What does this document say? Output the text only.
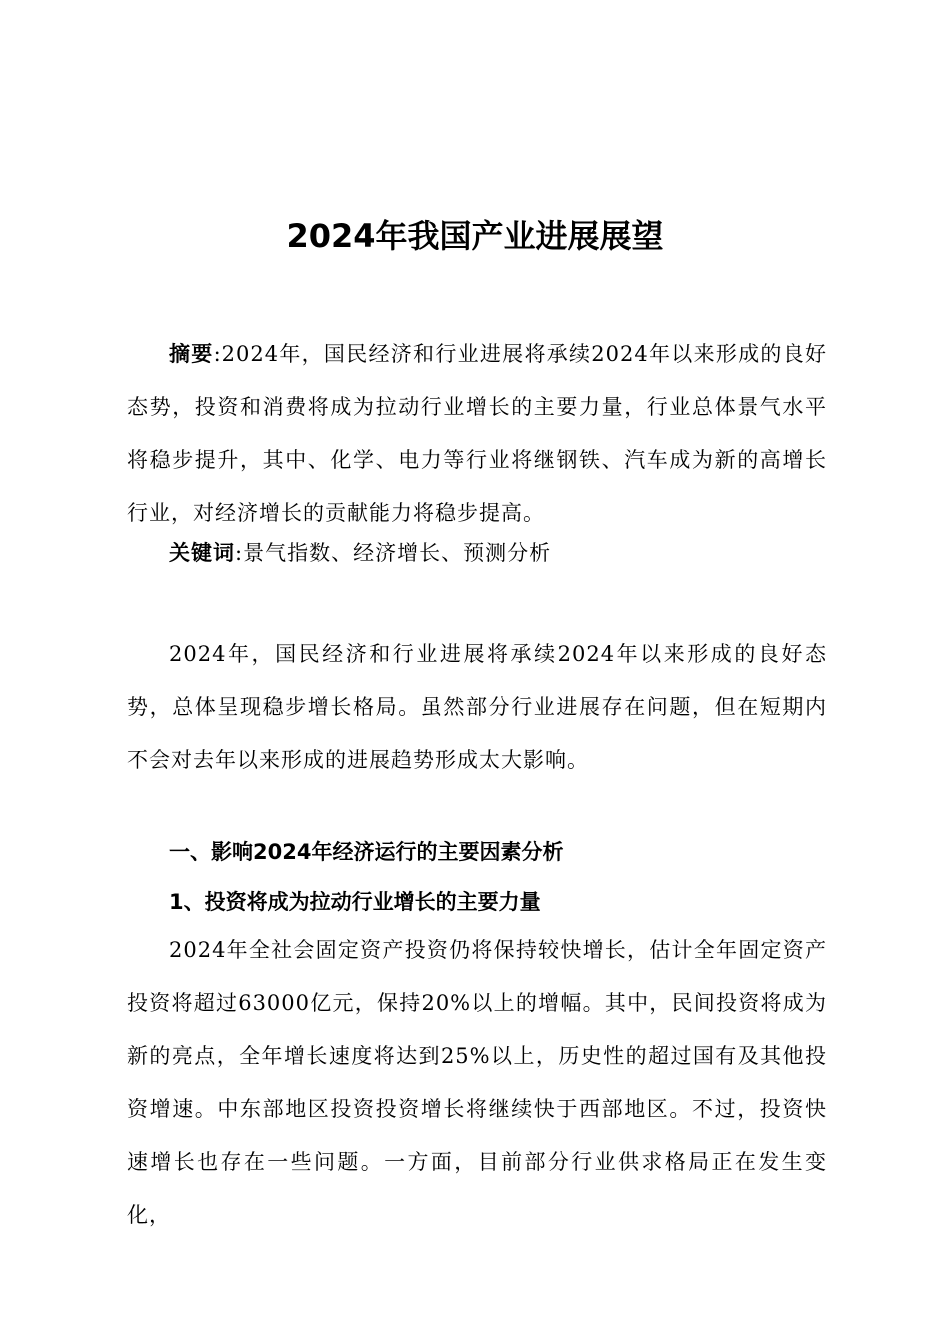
2024年我国产业进展展望

摘要:2024年，国民经济和行业进展将承续2024年以来形成的良好态势，投资和消费将成为拉动行业增长的主要力量，行业总体景气水平将稳步提升，其中、化学、电力等行业将继钢铁、汽车成为新的高增长行业，对经济增长的贡献能力将稳步提高。

关键词:景气指数、经济增长、预测分析

2024年，国民经济和行业进展将承续2024年以来形成的良好态势，总体呈现稳步增长格局。虽然部分行业进展存在问题，但在短期内不会对去年以来形成的进展趋势形成太大影响。

一、影响2024年经济运行的主要因素分析
1、投资将成为拉动行业增长的主要力量

2024年全社会固定资产投资仍将保持较快增长，估计全年固定资产投资将超过63000亿元，保持20%以上的增幅。其中，民间投资将成为新的亮点，全年增长速度将达到25%以上，历史性的超过国有及其他投资增速。中东部地区投资投资增长将继续快于西部地区。不过，投资快速增长也存在一些问题。一方面，目前部分行业供求格局正在发生变化，
